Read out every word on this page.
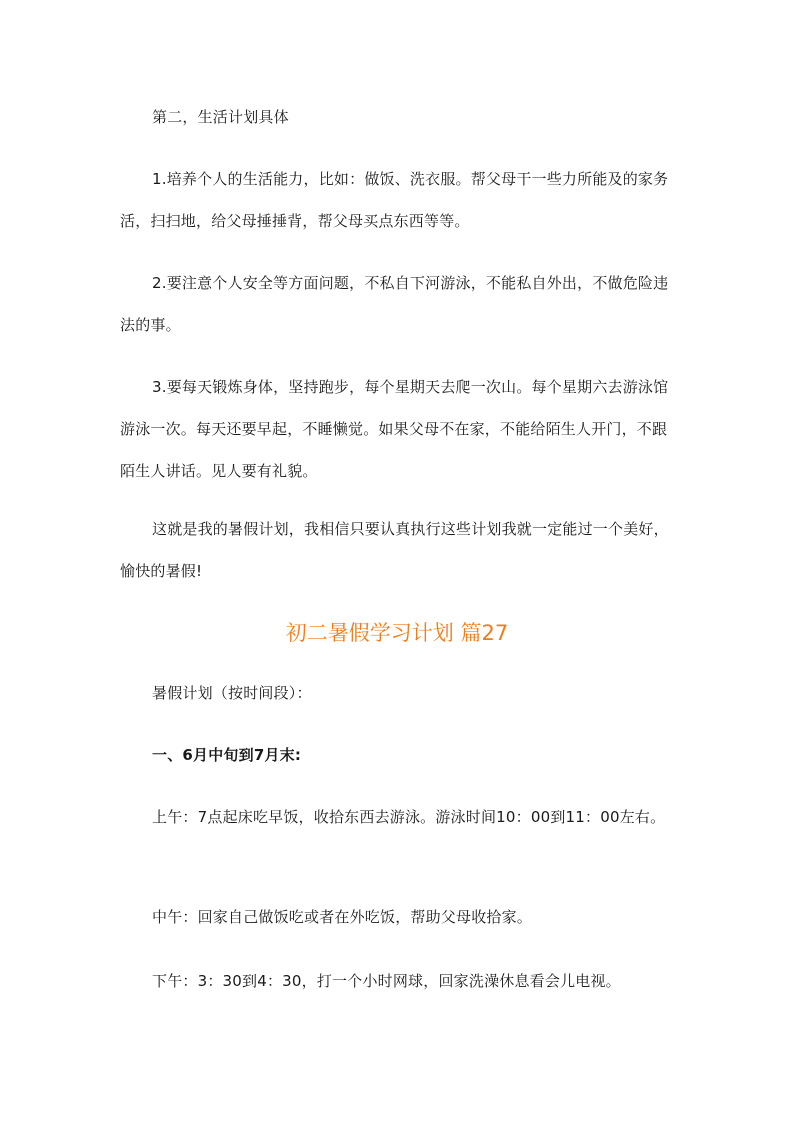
第二，生活计划具体

1.培养个人的生活能力，比如：做饭、洗衣服。帮父母干一些力所能及的家务活，扫扫地，给父母捶捶背，帮父母买点东西等等。

2.要注意个人安全等方面问题，不私自下河游泳，不能私自外出，不做危险违法的事。

3.要每天锻炼身体，坚持跑步，每个星期天去爬一次山。每个星期六去游泳馆游泳一次。每天还要早起，不睡懒觉。如果父母不在家，不能给陌生人开门，不跟陌生人讲话。见人要有礼貌。

这就是我的暑假计划，我相信只要认真执行这些计划我就一定能过一个美好，愉快的暑假!

初二暑假学习计划 篇27

暑假计划（按时间段）：

一、6月中旬到7月末:

上午：7点起床吃早饭，收拾东西去游泳。游泳时间10：00到11：00左右。

中午：回家自己做饭吃或者在外吃饭，帮助父母收拾家。

下午：3：30到4：30，打一个小时网球，回家洗澡休息看会儿电视。
